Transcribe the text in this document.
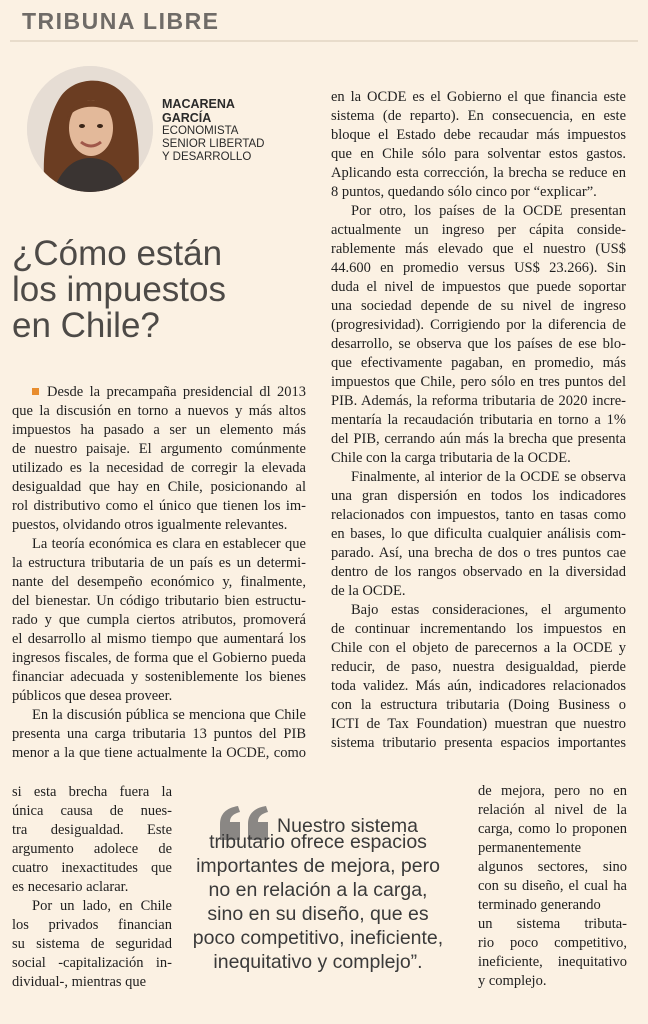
TRIBUNA LIBRE
MACARENA
GARCÍA
ECONOMISTA
SENIOR LIBERTAD
Y DESARROLLO
¿Cómo están
los impuestos
en Chile?
Desde la precampaña presidencial dl 2013
que la discusión en torno a nuevos y más altos
impuestos ha pasado a ser un elemento más
de nuestro paisaje. El argumento comúnmente
utilizado es la necesidad de corregir la elevada
desigualdad que hay en Chile, posicionando al
rol distributivo como el único que tienen los im-
puestos, olvidando otros igualmente relevantes.
La teoría económica es clara en establecer que
la estructura tributaria de un país es un determi-
nante del desempeño económico y, finalmente,
del bienestar. Un código tributario bien estructu-
rado y que cumpla ciertos atributos, promoverá
el desarrollo al mismo tiempo que aumentará los
ingresos fiscales, de forma que el Gobierno pueda
financiar adecuada y sosteniblemente los bienes
públicos que desea proveer.
En la discusión pública se menciona que Chile
presenta una carga tributaria 13 puntos del PIB
menor a la que tiene actualmente la OCDE, como
si esta brecha fuera la
única causa de nues-
tra desigualdad. Este
argumento adolece de
cuatro inexactitudes que
es necesario aclarar.
Por un lado, en Chile
los privados financian
su sistema de seguridad
social -capitalización in-
dividual-, mientras que
en la OCDE es el Gobierno el que financia este
sistema (de reparto). En consecuencia, en este
bloque el Estado debe recaudar más impuestos
que en Chile sólo para solventar estos gastos.
Aplicando esta corrección, la brecha se reduce en
8 puntos, quedando sólo cinco por “explicar”.
Por otro, los países de la OCDE presentan
actualmente un ingreso per cápita conside-
rablemente más elevado que el nuestro (US$
44.600 en promedio versus US$ 23.266). Sin
duda el nivel de impuestos que puede soportar
una sociedad depende de su nivel de ingreso
(progresividad). Corrigiendo por la diferencia de
desarrollo, se observa que los países de ese blo-
que efectivamente pagaban, en promedio, más
impuestos que Chile, pero sólo en tres puntos del
PIB. Además, la reforma tributaria de 2020 incre-
mentaría la recaudación tributaria en torno a 1%
del PIB, cerrando aún más la brecha que presenta
Chile con la carga tributaria de la OCDE.
Finalmente, al interior de la OCDE se observa
una gran dispersión en todos los indicadores
relacionados con impuestos, tanto en tasas como
en bases, lo que dificulta cualquier análisis com-
parado. Así, una brecha de dos o tres puntos cae
dentro de los rangos observado en la diversidad
de la OCDE.
Bajo estas consideraciones, el argumento
de continuar incrementando los impuestos en
Chile con el objeto de parecernos a la OCDE y
reducir, de paso, nuestra desigualdad, pierde
toda validez. Más aún, indicadores relacionados
con la estructura tributaria (Doing Business o
ICTI de Tax Foundation) muestran que nuestro
sistema tributario presenta espacios importantes
de mejora, pero no en
relación al nivel de la
carga, como lo proponen
permanentemente
algunos sectores, sino
con su diseño, el cual ha
terminado generando
un sistema tributa-
rio poco competitivo,
ineficiente, inequitativo
y complejo.
Nuestro sistema
tributario ofrece espacios
importantes de mejora, pero
no en relación a la carga,
sino en su diseño, que es
poco competitivo, ineficiente,
inequitativo y complejo”.
